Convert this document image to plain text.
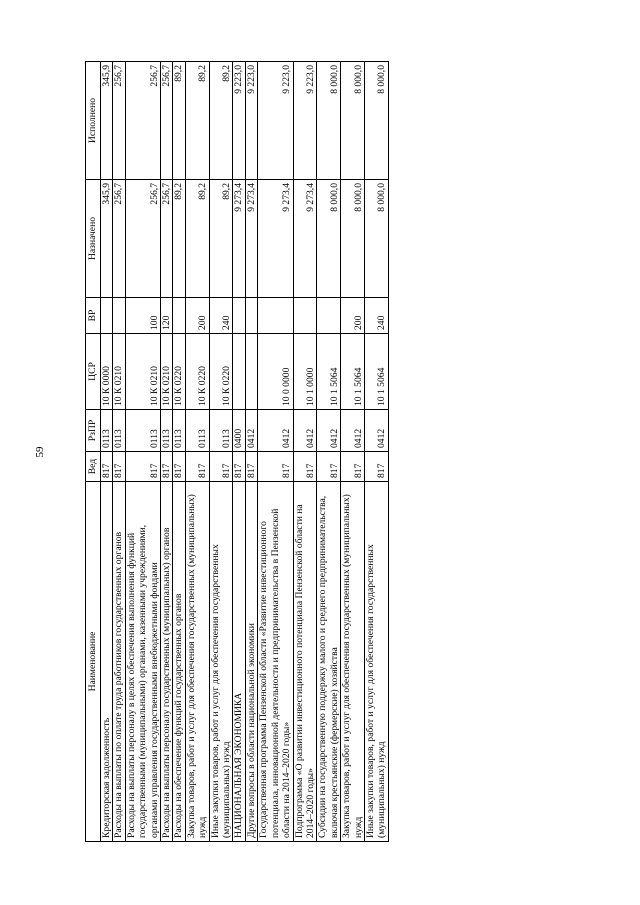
59
Наименование	Вед	РзПР	ЦСР	ВР	Назначено	Исполнено
Кредиторская задолженность	817	0113	10 К 0000		345,9	345,9
Расходы на выплаты по оплате труда работников государственных органов	817	0113	10 К 0210		256,7	256,7
Расходы на выплаты персоналу в целях обеспечения выполнения функций государственными (муниципальными) органами, казенными учреждениями, органами управления государственными внебюджетными фондами	817	0113	10 К 0210	100	256,7	256,7
Расходы на выплаты персоналу государственных (муниципальных) органов	817	0113	10 К 0210	120	256,7	256,7
Расходы на обеспечение функций государственных органов	817	0113	10 К 0220		89,2	89,2
Закупка товаров, работ и услуг для обеспечения государственных (муниципальных) нужд	817	0113	10 К 0220	200	89,2	89,2
Иные закупки товаров, работ и услуг для обеспечения государственных (муниципальных) нужд	817	0113	10 К 0220	240	89,2	89,2
НАЦИОНАЛЬНАЯ ЭКОНОМИКА	817	0400			9 273,4	9 223,0
Другие вопросы в области национальной экономики	817	0412			9 273,4	9 223,0
Государственная программа Пензенской области «Развитие инвестиционного потенциала, инновационной деятельности и предпринимательства в Пензенской области на 2014–2020 годы»	817	0412	10 0 0000		9 273,4	9 223,0
Подпрограмма «О развитии инвестиционного потенциала Пензенской области на 2014–2020 годы»	817	0412	10 1 0000		9 273,4	9 223,0
Субсидии на государственную поддержку малого и среднего предпринимательства, включая крестьянские (фермерские) хозяйства	817	0412	10 1 5064		8 000,0	8 000,0
Закупка товаров, работ и услуг для обеспечения государственных (муниципальных) нужд	817	0412	10 1 5064	200	8 000,0	8 000,0
Иные закупки товаров, работ и услуг для обеспечения государственных (муниципальных) нужд	817	0412	10 1 5064	240	8 000,0	8 000,0
